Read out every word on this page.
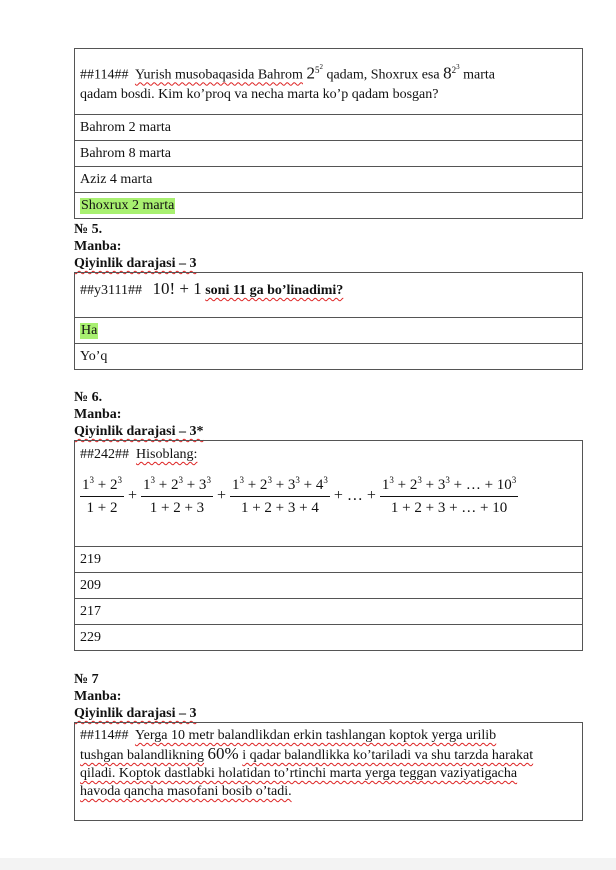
##114## Yurish musobaqasida Bahrom $2^{5^2}$ qadam, Shoxrux esa $8^{2^3}$ marta
qadam bosdi. Kim ko’proq va necha marta ko’p qadam bosgan?
Bahrom 2 marta
Bahrom 8 marta
Aziz 4 marta
Shoxrux 2 marta
№ 5.
Manba:
Qiyinlik darajasi – 3
##y3111## 10! + 1 soni 11 ga bo’linadimi?
Ha
Yo’q
№ 6.
Manba:
Qiyinlik darajasi – 3*
##242## Hisoblang:
$\frac{1^3 + 2^3}{1 + 2} + \frac{1^3 + 2^3 + 3^3}{1 + 2 + 3} + \frac{1^3 + 2^3 + 3^3 + 4^3}{1 + 2 + 3 + 4}$ + … + $\frac{1^3 + 2^3 + 3^3 + \dots + 10^3}{1 + 2 + 3 + \dots + 10}$
219
209
217
229
№ 7
Manba:
Qiyinlik darajasi – 3
##114## Yerga 10 metr balandlikdan erkin tashlangan koptok yerga urilib
tushgan balandlikning 60% i qadar balandlikka ko’tariladi va shu tarzda harakat
qiladi. Koptok dastlabki holatidan to’rtinchi marta yerga teggan vaziyatigacha
havoda qancha masofani bosib o’tadi.
